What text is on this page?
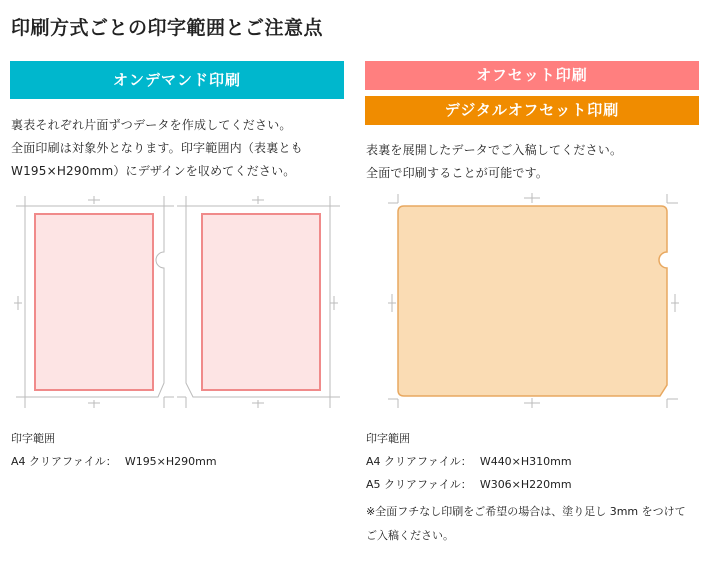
印刷方式ごとの印字範囲とご注意点
オンデマンド印刷	オフセット印刷
デジタルオフセット印刷
裏表それぞれ片面ずつデータを作成してください。
全面印刷は対象外となります。印字範囲内（表裏とも
W195×H290mm）にデザインを収めてください。
表裏を展開したデータでご入稿してください。
全面で印刷することが可能です。
印字範囲
A4 クリアファイル： W195×H290mm
印字範囲
A4 クリアファイル： W440×H310mm
A5 クリアファイル： W306×H220mm
※全面フチなし印刷をご希望の場合は、塗り足し 3mm をつけて
ご入稿ください。
